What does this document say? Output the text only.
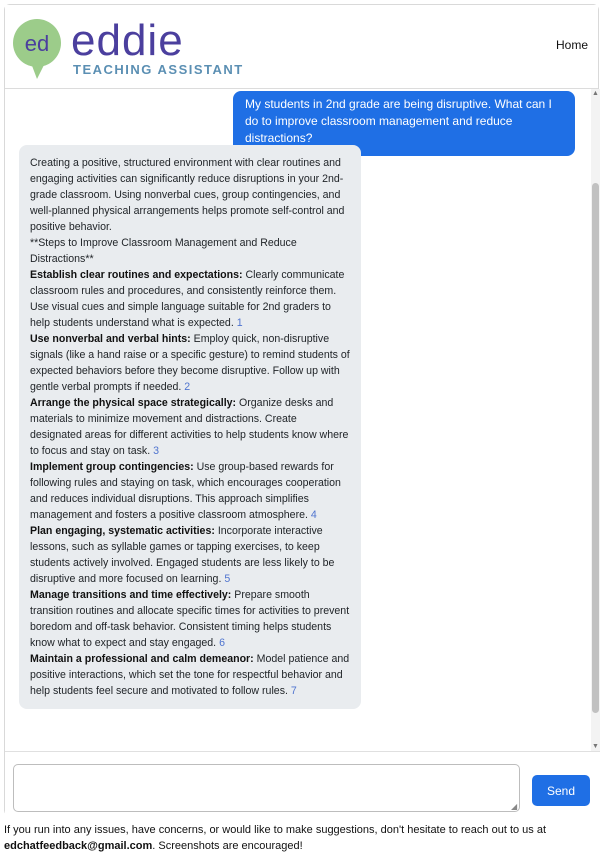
ed eddie
TEACHING ASSISTANT
Home
My students in 2nd grade are being disruptive. What can I do to improve classroom management and reduce distractions?

Creating a positive, structured environment with clear routines and engaging activities can significantly reduce disruptions in your 2nd-grade classroom. Using nonverbal cues, group contingencies, and well-planned physical arrangements helps promote self-control and positive behavior.

**Steps to Improve Classroom Management and Reduce Distractions**

Establish clear routines and expectations: Clearly communicate classroom rules and procedures, and consistently reinforce them. Use visual cues and simple language suitable for 2nd graders to help students understand what is expected. 1

Use nonverbal and verbal hints: Employ quick, non-disruptive signals (like a hand raise or a specific gesture) to remind students of expected behaviors before they become disruptive. Follow up with gentle verbal prompts if needed. 2

Arrange the physical space strategically: Organize desks and materials to minimize movement and distractions. Create designated areas for different activities to help students know where to focus and stay on task. 3

Implement group contingencies: Use group-based rewards for following rules and staying on task, which encourages cooperation and reduces individual disruptions. This approach simplifies management and fosters a positive classroom atmosphere. 4

Plan engaging, systematic activities: Incorporate interactive lessons, such as syllable games or tapping exercises, to keep students actively involved. Engaged students are less likely to be disruptive and more focused on learning. 5

Manage transitions and time effectively: Prepare smooth transition routines and allocate specific times for activities to prevent boredom and off-task behavior. Consistent timing helps students know what to expect and stay engaged. 6

Maintain a professional and calm demeanor: Model patience and positive interactions, which set the tone for respectful behavior and help students feel secure and motivated to follow rules. 7

▲
▼
◢
Send
If you run into any issues, have concerns, or would like to make suggestions, don't hesitate to reach out to us at edchatfeedback@gmail.com. Screenshots are encouraged!
